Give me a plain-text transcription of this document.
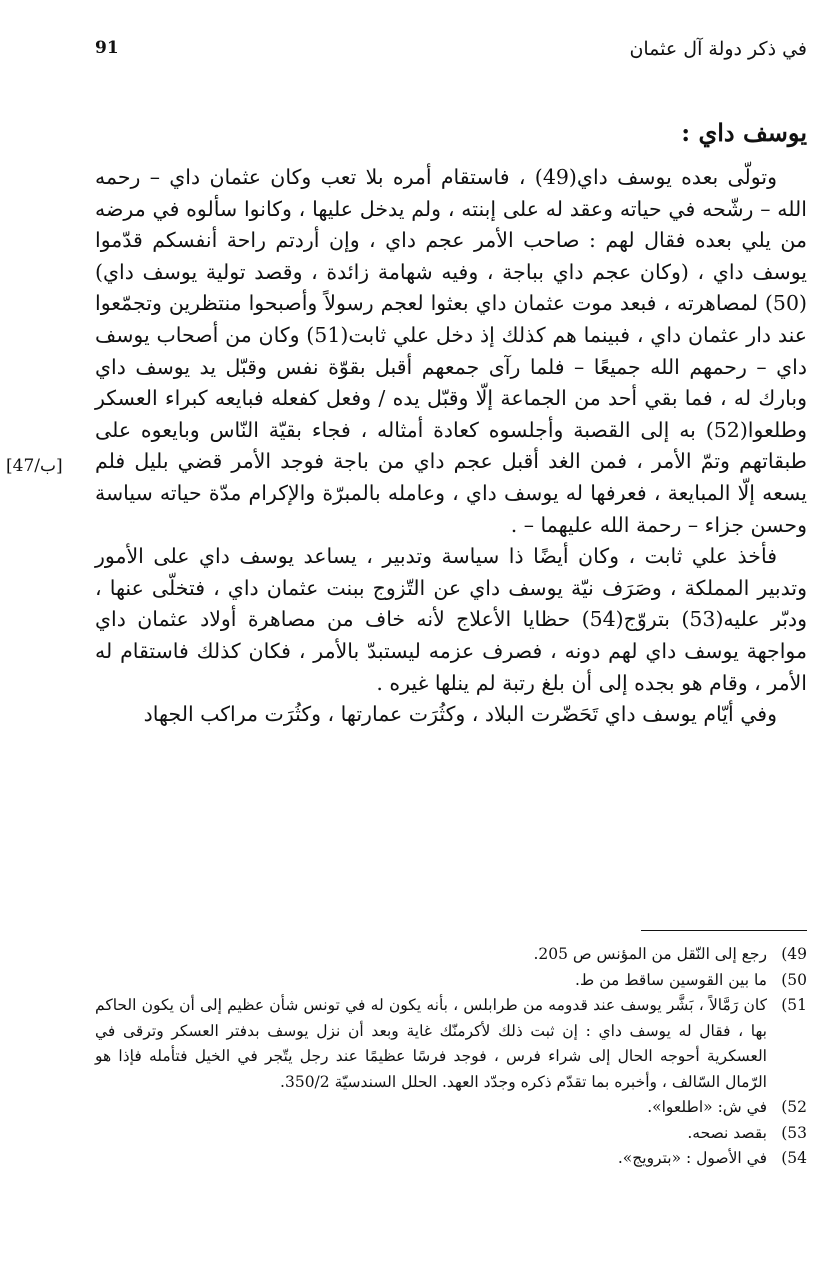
في ذكر دولة آل عثمان
91
يوسف داي :

وتولّى بعده يوسف داي(49) ، فاستقام أمره بلا تعب وكان عثمان داي – رحمه الله – رشّحه في حياته وعقد له على إبنته ، ولم يدخل عليها ، وكانوا سألوه في مرضه من يلي بعده فقال لهم : صاحب الأمر عجم داي ، وإن أردتم راحة أنفسكم قدّموا يوسف داي ، (وكان عجم داي بباجة ، وفيه شهامة زائدة ، وقصد تولية يوسف داي)(50) لمصاهرته ، فبعد موت عثمان داي بعثوا لعجم رسولاً وأصبحوا منتظرين وتجمّعوا عند دار عثمان داي ، فبينما هم كذلك إذ دخل علي ثابت(51) وكان من أصحاب يوسف داي – رحمهم الله جميعًا – فلما رآى جمعهم أقبل بقوّة نفس وقبّل يد يوسف داي وبارك له ، فما بقي أحد من الجماعة إلّا وقبّل يده / وفعل كفعله فبايعه كبراء العسكر وطلعوا(52) به إلى القصبة وأجلسوه كعادة أمثاله ، فجاء بقيّة النّاس وبايعوه على طبقاتهم وتمّ الأمر ، فمن الغد أقبل عجم داي من باجة فوجد الأمر قضي بليل فلم يسعه إلّا المبايعة ، فعرفها له يوسف داي ، وعامله بالمبرّة والإكرام مدّة حياته سياسة وحسن جزاء – رحمة الله عليهما – .

فأخذ علي ثابت ، وكان أيضًا ذا سياسة وتدبير ، يساعد يوسف داي على الأمور وتدبير المملكة ، وصَرَف نيّة يوسف داي عن التّزوج ببنت عثمان داي ، فتخلّى عنها ، ودبّر عليه(53) بتروّج(54) حظايا الأعلاج لأنه خاف من مصاهرة أولاد عثمان داي مواجهة يوسف داي لهم دونه ، فصرف عزمه ليستبدّ بالأمر ، فكان كذلك فاستقام له الأمر ، وقام هو بجده إلى أن بلغ رتبة لم ينلها غيره .

وفي أيّام يوسف داي تَحَضّرت البلاد ، وكثُرَت عمارتها ، وكثُرَت مراكب الجهاد

[47/ب]
49)
رجع إلى النّقل من المؤنس ص 205.
50)
ما بين القوسين ساقط من ط.
51)
كان رَمَّالاً ، بَشَّر يوسف عند قدومه من طرابلس ، بأنه يكون له في تونس شأن عظيم إلى أن يكون الحاكم بها ، فقال له يوسف داي : إن ثبت ذلك لأكرمنّك غاية وبعد أن نزل يوسف بدفتر العسكر وترقى في العسكرية أحوجه الحال إلى شراء فرس ، فوجد فرسًا عظيمًا عند رجل يتّجر في الخيل فتأمله فإذا هو الرّمال السّالف ، وأخبره بما تقدّم ذكره وجدّد العهد. الحلل السندسيّة 350/2.
52)
في ش: «اطلعوا».
53)
بقصد نصحه.
54)
في الأصول : «بترويج».
